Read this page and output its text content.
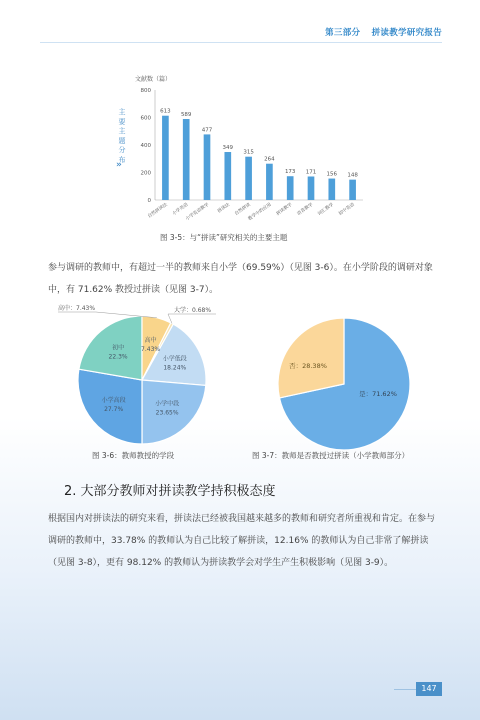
第三部分 拼读教学研究报告
主要主题分布
»
文献数（篇）
0
200
400
600
800
613
自然拼读法
589
小学英语
477
小学英语教学
349
拼读法
315
自然拼读
264
教学中的应用
173
拼读教学
171
语音教学
156
词汇教学
148
初中英语
图 3-5：与“拼读”研究相关的主要主题

参与调研的教师中，有超过一半的教师来自小学（69.59%）（见图 3-6）。在小学阶段的调研对象中，有 71.62% 教授过拼读（见图 3-7）。

小学低段
18.24%
小学中段
23.65%
小学高段
27.7%
初中
22.3%
高中
7.43%
高中：7.43%	大学：0.68%
是：71.62%
否：28.38%
图 3-6：教师教授的学段	图 3-7：教师是否教授过拼读（小学教师部分）
2. 大部分教师对拼读教学持积极态度

根据国内对拼读法的研究来看，拼读法已经被我国越来越多的教师和研究者所重视和肯定。在参与调研的教师中，33.78% 的教师认为自己比较了解拼读，12.16% 的教师认为自己非常了解拼读（见图 3-8），更有 98.12% 的教师认为拼读教学会对学生产生积极影响（见图 3-9）。

147
